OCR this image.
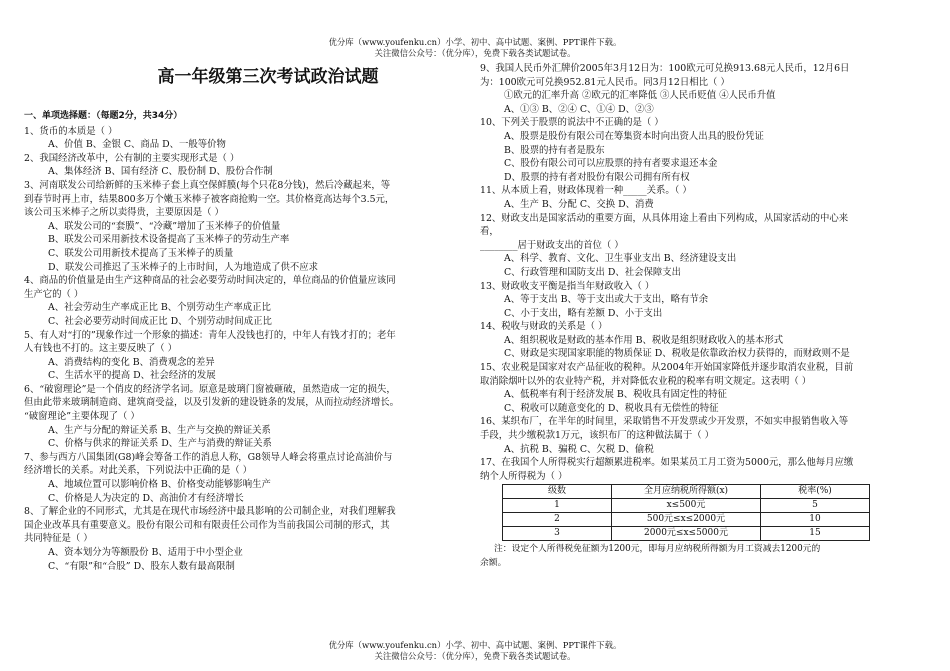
优分库（www.youfenku.cn）小学、初中、高中试题、案例、PPT课件下载。
关注微信公众号：（优分库），免费下载各类试题试卷。
高一年级第三次考试政治试题
一、单项选择题：（每题2分，共34分）
1、货币的本质是（ ）
A、价值 B、金银 C、商品 D、一般等价物
2、我国经济改革中，公有制的主要实现形式是（ ）
A、集体经济 B、国有经济 C、股份制 D、股份合作制
3、河南联发公司给新鲜的玉米棒子套上真空保鲜膜(每个只花8分钱)，然后冷藏起来，等
到春节时再上市，结果800多万个嫩玉米棒子被客商抢购一空。其价格竟高达每个3.5元，
该公司玉米棒子之所以卖得贵，主要原因是（ ）
A、联发公司的“套膜”、“冷藏”增加了玉米棒子的价值量
B、联发公司采用新技术设备提高了玉米棒子的劳动生产率
C、联发公司用新技术提高了玉米棒子的质量
D、联发公司推迟了玉米棒子的上市时间，人为地造成了供不应求
4、商品的价值量是由生产这种商品的社会必要劳动时间决定的，单位商品的价值量应该同
生产它的（ ）
A、社会劳动生产率成正比 B、个别劳动生产率成正比
C、社会必要劳动时间成正比 D、个别劳动时间成正比
5、有人对“打的”现象作过一个形象的描述：青年人没钱也打的，中年人有钱才打的；老年
人有钱也不打的。这主要反映了（ ）
A、消费结构的变化 B、消费观念的差异
C、生活水平的提高 D、社会经济的发展
6、“破窗理论”是一个俏皮的经济学名词。原意是玻璃门窗被砸破，虽然造成一定的损失，
但由此带来玻璃制造商、建筑商受益，以及引发新的建设链条的发展，从而拉动经济增长。
“破窗理论”主要体现了（ ）
A、生产与分配的辩证关系 B、生产与交换的辩证关系
C、价格与供求的辩证关系 D、生产与消费的辩证关系
7、参与西方八国集团(G8)峰会筹备工作的消息人称，G8领导人峰会将重点讨论高油价与
经济增长的关系。对此关系，下列说法中正确的是（ ）
A、地域位置可以影响价格 B、价格变动能够影响生产
C、价格是人为决定的 D、高油价才有经济增长
8、了解企业的不同形式，尤其是在现代市场经济中最具影响的公司制企业，对我们理解我
国企业改革具有重要意义。股份有限公司和有限责任公司作为当前我国公司制的形式，其
共同特征是（ ）
A、资本划分为等额股份 B、适用于中小型企业
C、“有限”和“合股” D、股东人数有最高限制
9、我国人民币外汇牌价2005年3月12日为：100欧元可兑换913.68元人民币，12月6日
为：100欧元可兑换952.81元人民币。同3月12日相比（ ）
①欧元的汇率升高 ②欧元的汇率降低 ③人民币贬值 ④人民币升值
A、①③ B、②④ C、①④ D、②③
10、下列关于股票的说法中不正确的是（ ）
A、股票是股份有限公司在筹集资本时向出资人出具的股份凭证
B、股票的持有者是股东
C、股份有限公司可以应股票的持有者要求退还本金
D、股票的持有者对股份有限公司拥有所有权
11、从本质上看，财政体现着一种_____关系。（ ）
A、生产 B、分配 C、交换 D、消费
12、财政支出是国家活动的重要方面，从具体用途上看由下列构成，从国家活动的中心来
看，
________居于财政支出的首位（ ）
A、科学、教育、文化、卫生事业支出 B、经济建设支出
C、行政管理和国防支出 D、社会保障支出
13、财政收支平衡是指当年财政收入（ ）
A、等于支出 B、等于支出或大于支出，略有节余
C、小于支出，略有差额 D、小于支出
14、税收与财政的关系是（ ）
A、组织税收是财政的基本作用 B、税收是组织财政收入的基本形式
C、财政是实现国家职能的物质保证 D、税收是依靠政治权力获得的，而财政则不是
15、农业税是国家对农产品征收的税种。从2004年开始国家降低并逐步取消农业税，目前
取消除烟叶以外的农业特产税，并对降低农业税的税率有明文规定。这表明（ ）
A、低税率有利于经济发展 B、税收具有固定性的特征
C、税收可以随意变化的 D、税收具有无偿性的特征
16、某织布厂，在半年的时间里，采取销售不开发票或少开发票，不如实申报销售收入等
手段，共少缴税款1万元，该织布厂的这种做法属于（ ）
A、抗税 B、骗税 C、欠税 D、偷税
17、在我国个人所得税实行超额累进税率。如果某员工月工资为5000元，那么他每月应缴
纳个人所得税为（ ）
级数	全月应纳税所得额(x)	税率(%)
1	x≤500元	5
2	500元≤x≤2000元	10
3	2000元≤x≤5000元	15
注：设定个人所得税免征额为1200元，即每月应纳税所得额为月工资减去1200元的
余额。
优分库（www.youfenku.cn）小学、初中、高中试题、案例、PPT课件下载。
关注微信公众号：（优分库），免费下载各类试题试卷。
